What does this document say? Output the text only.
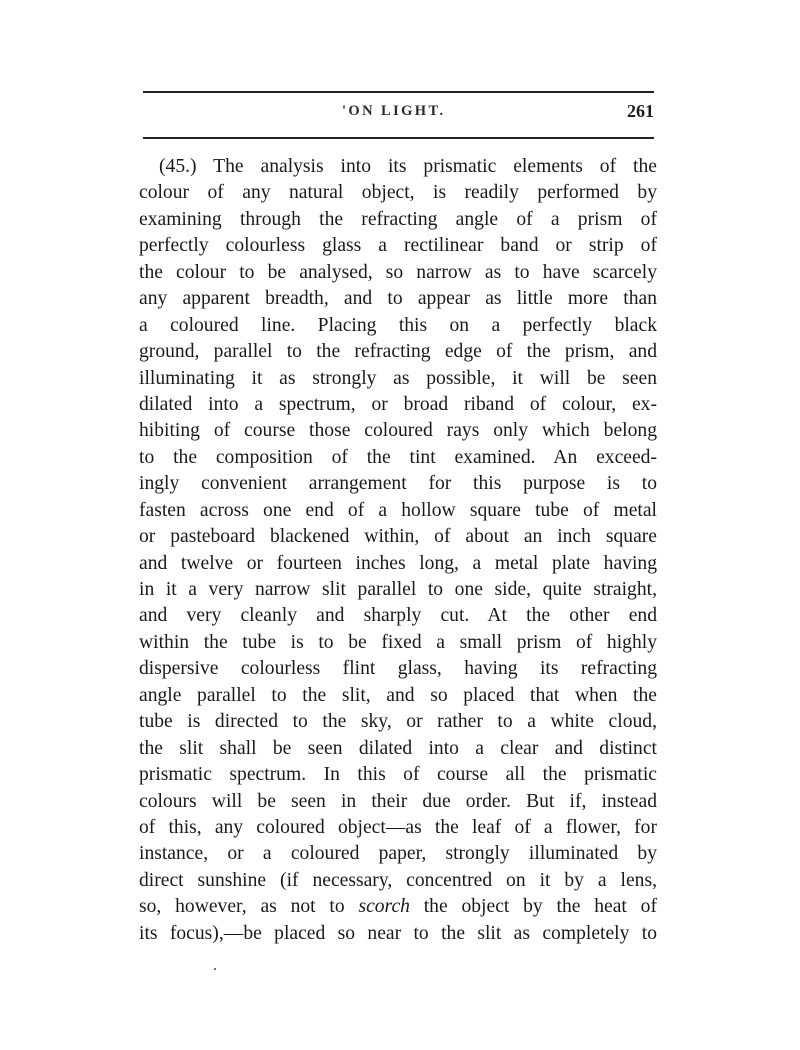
'ON LIGHT.	261
(45.) The analysis into its prismatic elements of the
colour of any natural object, is readily performed by
examining through the refracting angle of a prism of
perfectly colourless glass a rectilinear band or strip of
the colour to be analysed, so narrow as to have scarcely
any apparent breadth, and to appear as little more than
a coloured line. Placing this on a perfectly black
ground, parallel to the refracting edge of the prism, and
illuminating it as strongly as possible, it will be seen
dilated into a spectrum, or broad riband of colour, ex-
hibiting of course those coloured rays only which belong
to the composition of the tint examined. An exceed-
ingly convenient arrangement for this purpose is to
fasten across one end of a hollow square tube of metal
or pasteboard blackened within, of about an inch square
and twelve or fourteen inches long, a metal plate having
in it a very narrow slit parallel to one side, quite straight,
and very cleanly and sharply cut. At the other end
within the tube is to be fixed a small prism of highly
dispersive colourless flint glass, having its refracting
angle parallel to the slit, and so placed that when the
tube is directed to the sky, or rather to a white cloud,
the slit shall be seen dilated into a clear and distinct
prismatic spectrum. In this of course all the prismatic
colours will be seen in their due order. But if, instead
of this, any coloured object—as the leaf of a flower, for
instance, or a coloured paper, strongly illuminated by
direct sunshine (if necessary, concentred on it by a lens,
so, however, as not to scorch the object by the heat of
its focus),—be placed so near to the slit as completely to
